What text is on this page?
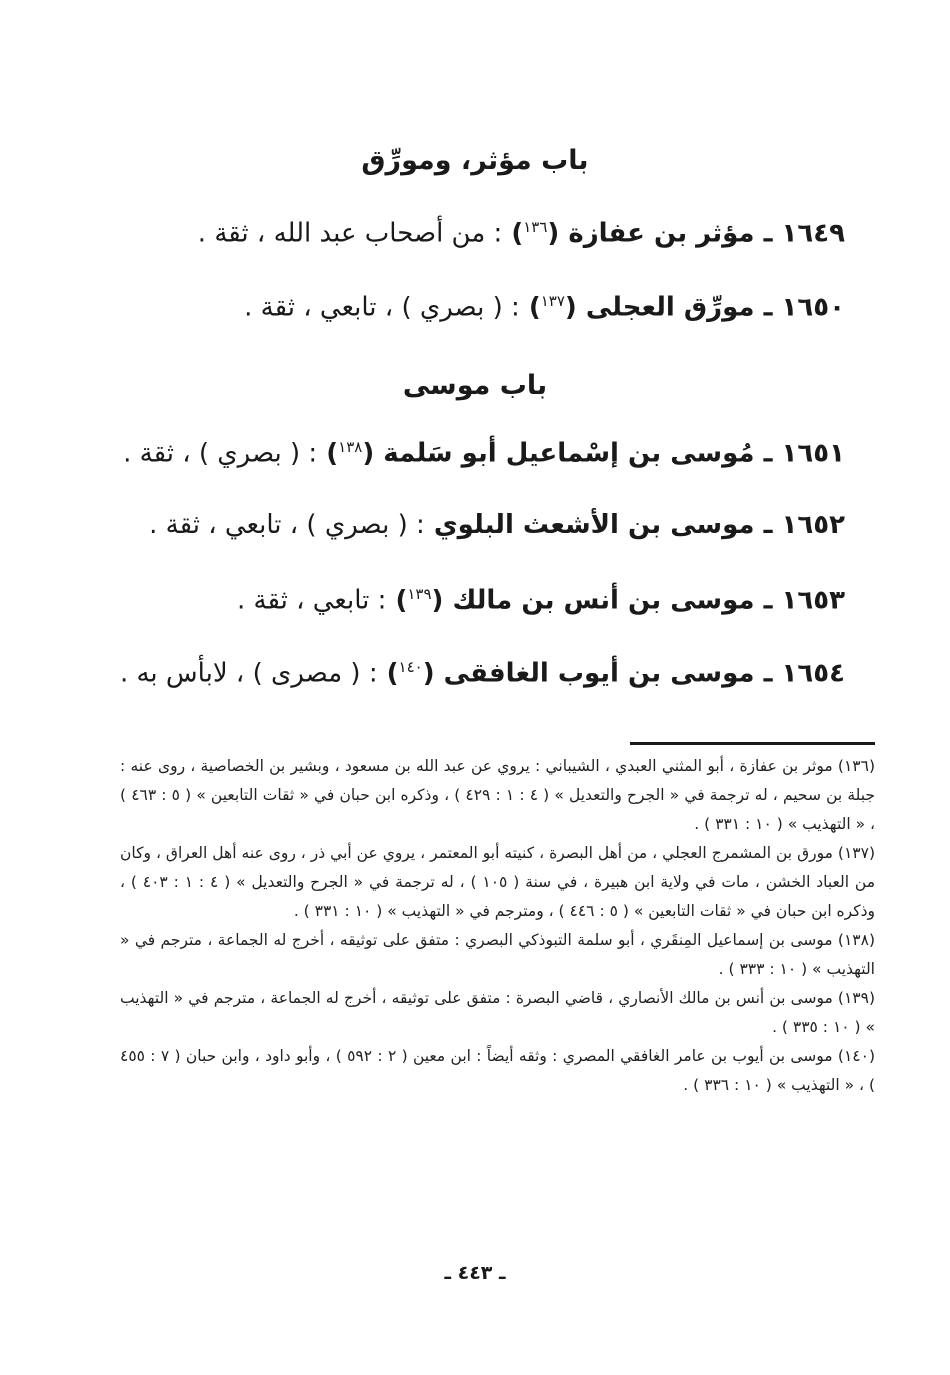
باب مؤثر، ومورِّق
١٦٤٩ ـ مؤثر بن عفازة ($^{١٣٦}$) : من أصحاب عبد الله ، ثقة .
١٦٥٠ ـ مورِّق العجلى ($^{١٣٧}$) : ( بصري ) ، تابعي ، ثقة .
باب موسى
١٦٥١ ـ مُوسى بن إسْماعيل أبو سَلمة ($^{١٣٨}$) : ( بصري ) ، ثقة .
١٦٥٢ ـ موسى بن الأشعث البلوي : ( بصري ) ، تابعي ، ثقة .
١٦٥٣ ـ موسى بن أنس بن مالك ($^{١٣٩}$) : تابعي ، ثقة .
١٦٥٤ ـ موسى بن أيوب الغافقى ($^{١٤٠}$) : ( مصرى ) ، لابأس به .

(١٣٦) موثر بن عفازة ، أبو المثني العبدي ، الشيباني : يروي عن عبد الله بن مسعود ، وبشير بن الخصاصية ، روى عنه : جبلة بن سحيم ، له ترجمة في « الجرح والتعديل » ( ٤ : ١ : ٤٢٩ ) ، وذكره ابن حبان في « ثقات التابعين » ( ٥ : ٤٦٣ ) ، « التهذيب » ( ١٠ : ٣٣١ ) .

(١٣٧) مورق بن المشمرج العجلي ، من أهل البصرة ، كنيته أبو المعتمر ، يروي عن أبي ذر ، روى عنه أهل العراق ، وكان من العباد الخشن ، مات في ولاية ابن هبيرة ، في سنة ( ١٠٥ ) ، له ترجمة في « الجرح والتعديل » ( ٤ : ١ : ٤٠٣ ) ، وذكره ابن حبان في « ثقات التابعين » ( ٥ : ٤٤٦ ) ، ومترجم في « التهذيب » ( ١٠ : ٣٣١ ) .

(١٣٨) موسى بن إسماعيل المِنقَري ، أبو سلمة التبوذكي البصري : متفق على توثيقه ، أخرج له الجماعة ، مترجم في « التهذيب » ( ١٠ : ٣٣٣ ) .

(١٣٩) موسى بن أنس بن مالك الأنصاري ، قاضي البصرة : متفق على توثيقه ، أخرج له الجماعة ، مترجم في « التهذيب » ( ١٠ : ٣٣٥ ) .

(١٤٠) موسى بن أيوب بن عامر الغافقي المصري : وثقه أيضاً : ابن معين ( ٢ : ٥٩٢ ) ، وأبو داود ، وابن حبان ( ٧ : ٤٥٥ ) ، « التهذيب » ( ١٠ : ٣٣٦ ) .

ـ ٤٤٣ ـ
